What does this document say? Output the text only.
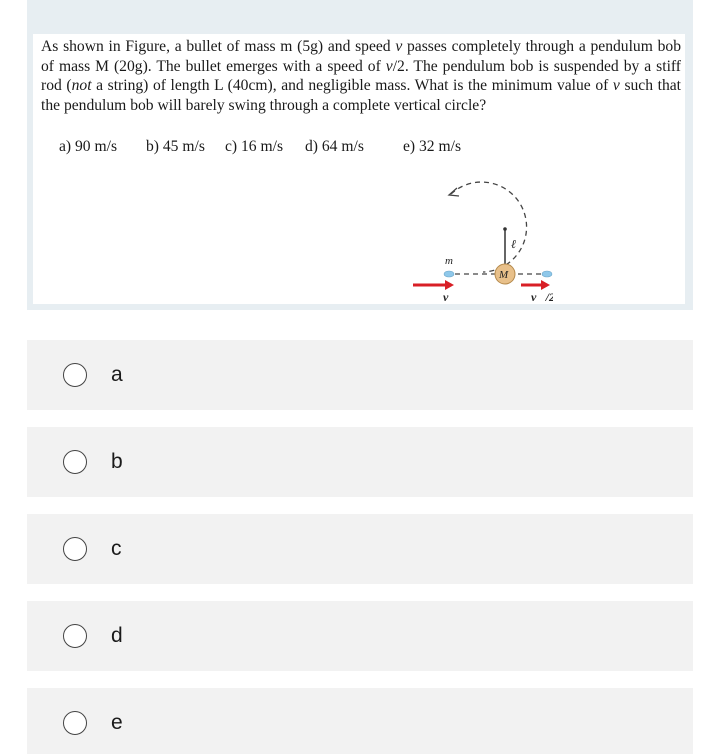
As shown in Figure, a bullet of mass m (5g) and speed v passes completely through a pendulum bob of mass M (20g). The bullet emerges with a speed of v/2. The pendulum bob is suspended by a stiff rod (not a string) of length L (40cm), and negligible mass. What is the minimum value of v such that the pendulum bob will barely swing through a complete vertical circle?

a) 90 m/s b) 45 m/s c) 16 m/s d) 64 m/s	e) 32 m/s
ℓ
m
M
v⃗	v⃗/2
a
b
c
d
e
